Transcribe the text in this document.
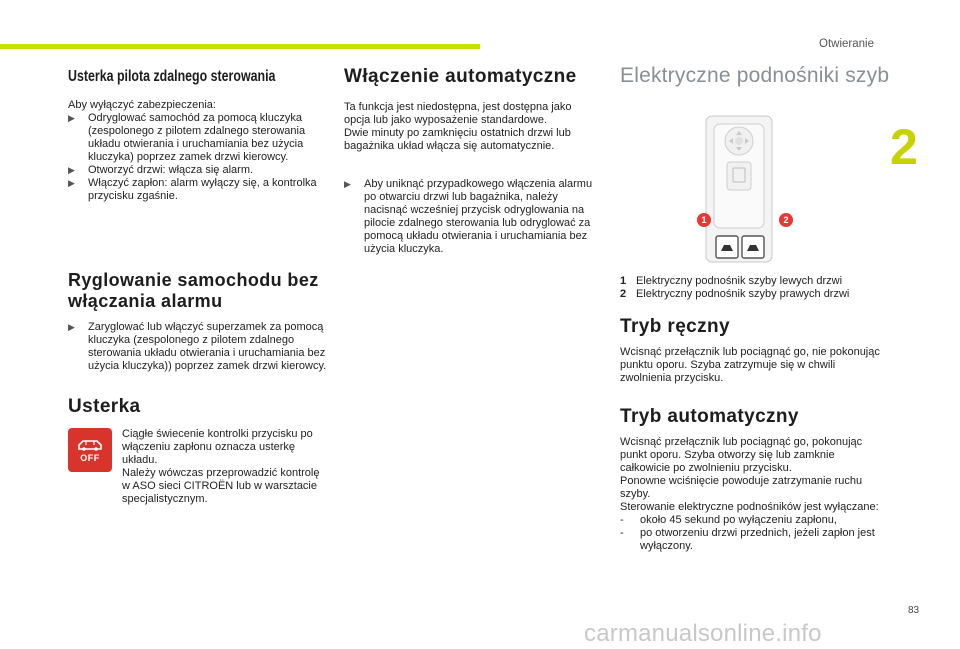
Otwieranie
2
Usterka pilota zdalnego sterowania
Aby wyłączyć zabezpieczenia:
▶ Odryglować samochód za pomocą kluczyka (zespolonego z pilotem zdalnego sterowania układu otwierania i uruchamiania bez użycia kluczyka) poprzez zamek drzwi kierowcy.
▶ Otworzyć drzwi: włącza się alarm.
▶ Włączyć zapłon: alarm wyłączy się, a kontrolka przycisku zgaśnie.
Ryglowanie samochodu bez
włączania alarmu
▶ Zaryglować lub włączyć superzamek za pomocą kluczyka (zespolonego z pilotem zdalnego sterowania układu otwierania i uruchamiania bez użycia kluczyka)) poprzez zamek drzwi kierowcy.
Usterka
OFF
Ciągłe świecenie kontrolki przycisku po włączeniu zapłonu oznacza usterkę układu.
Należy wówczas przeprowadzić kontrolę w ASO sieci CITROËN lub w warsztacie specjalistycznym.
Włączenie automatyczne
Ta funkcja jest niedostępna, jest dostępna jako opcja lub jako wyposażenie standardowe.
Dwie minuty po zamknięciu ostatnich drzwi lub bagażnika układ włącza się automatycznie.
▶ Aby uniknąć przypadkowego włączenia alarmu po otwarciu drzwi lub bagażnika, należy nacisnąć wcześniej przycisk odryglowania na pilocie zdalnego sterowania lub odryglować za pomocą układu otwierania i uruchamiania bez użycia kluczyka.
Elektryczne podnośniki szyb
1	2
1 Elektryczny podnośnik szyby lewych drzwi
2 Elektryczny podnośnik szyby prawych drzwi
Tryb ręczny
Wcisnąć przełącznik lub pociągnąć go, nie pokonując punktu oporu. Szyba zatrzymuje się w chwili zwolnienia przycisku.
Tryb automatyczny
Wcisnąć przełącznik lub pociągnąć go, pokonując punkt oporu. Szyba otworzy się lub zamknie całkowicie po zwolnieniu przycisku.
Ponowne wciśnięcie powoduje zatrzymanie ruchu szyby.
Sterowanie elektryczne podnośników jest wyłączane:
- około 45 sekund po wyłączeniu zapłonu,
- po otworzeniu drzwi przednich, jeżeli zapłon jest wyłączony.
83
carmanualsonline.info
